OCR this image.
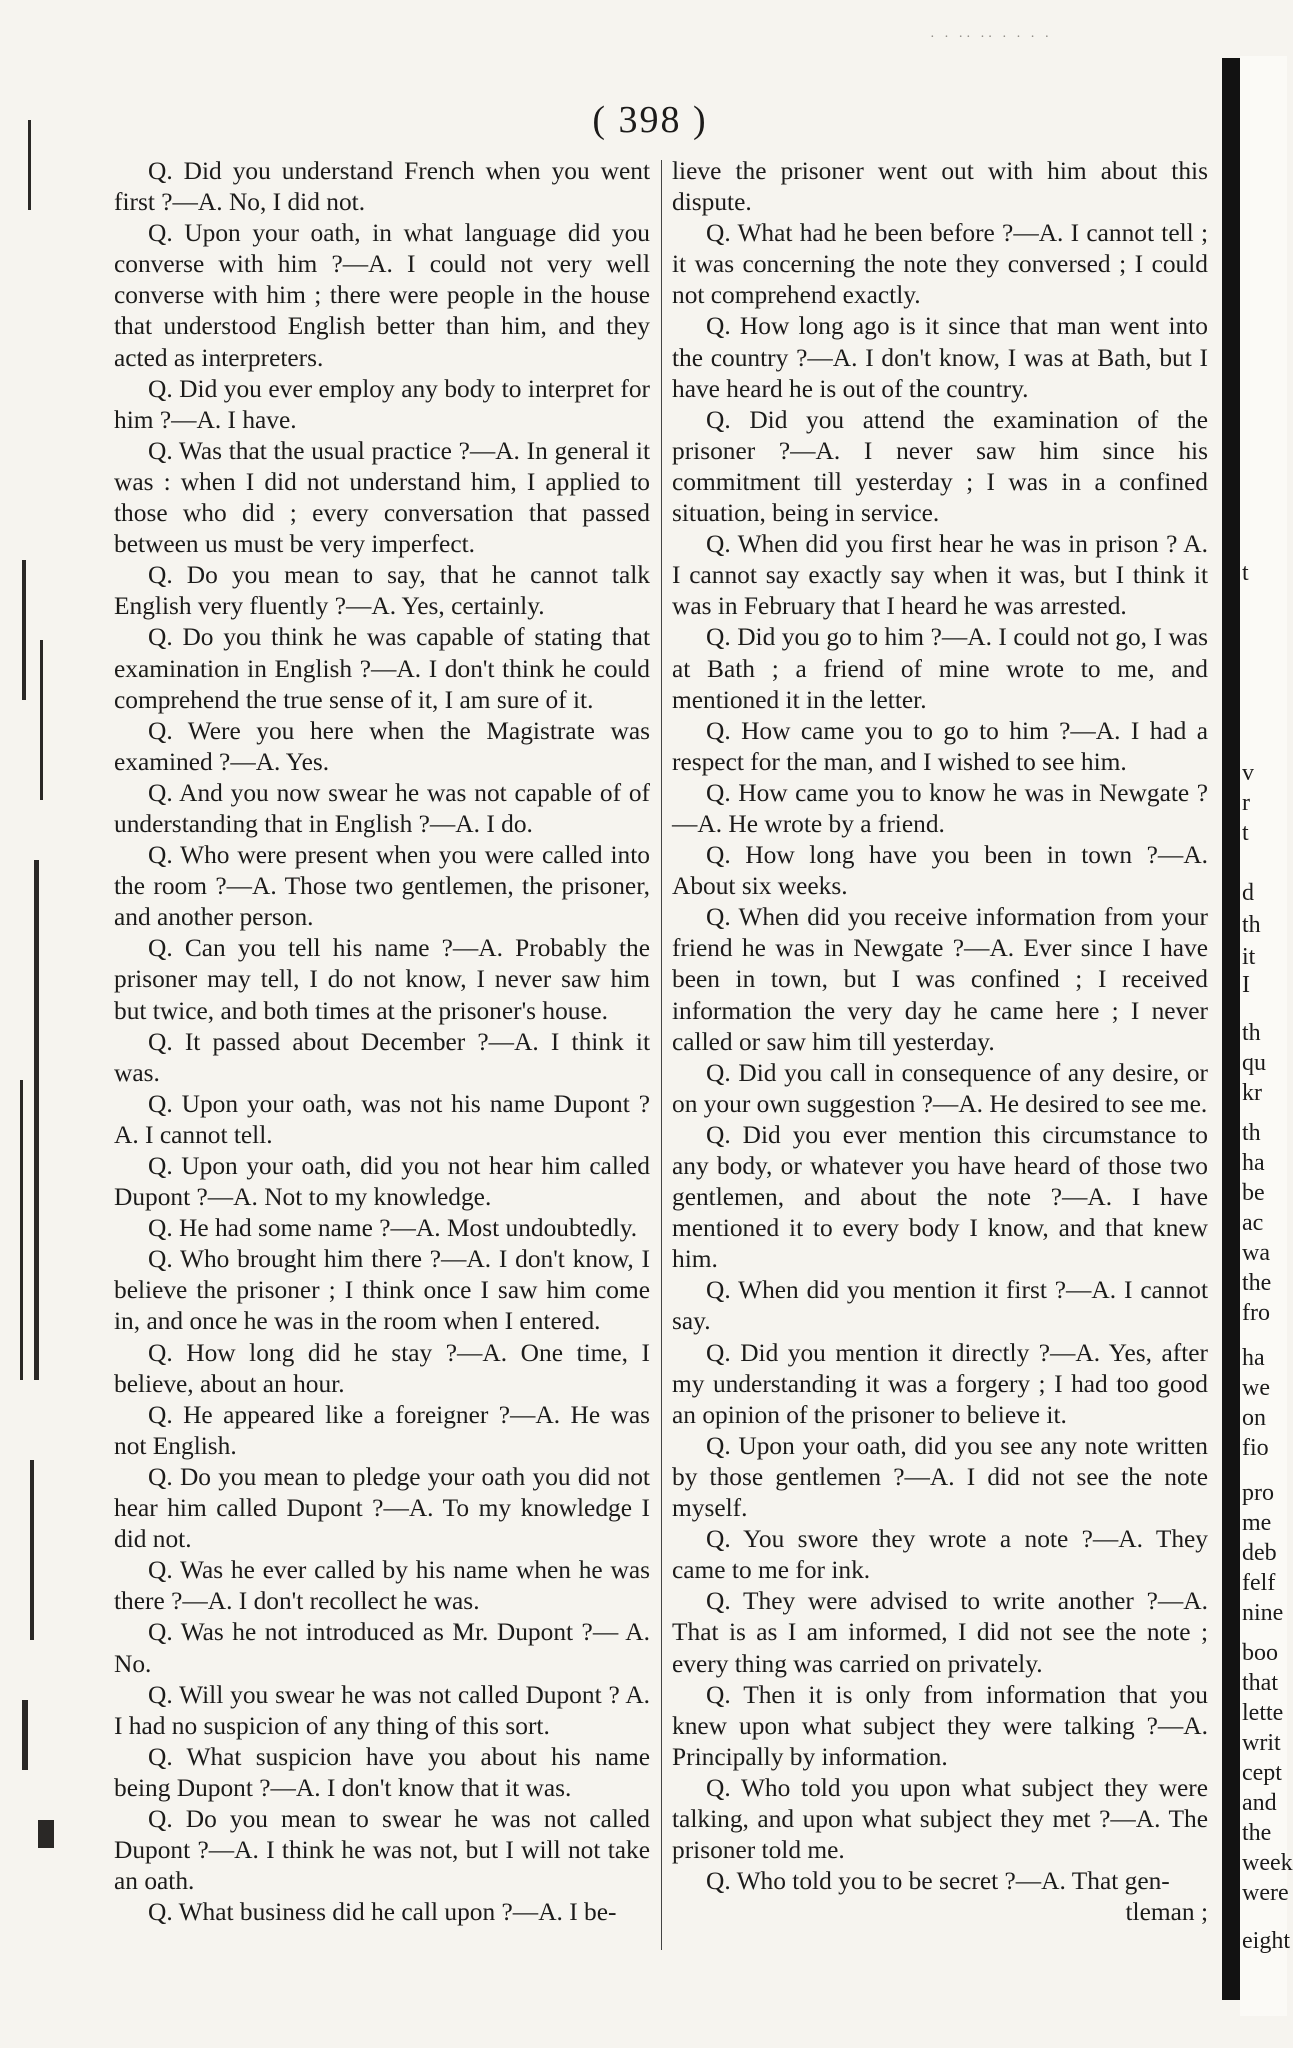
· · ·· ·· · · · ·
( 398 )

Q. Did you understand French when you went first ?—A. No, I did not.

Q. Upon your oath, in what language did you converse with him ?—A. I could not very well converse with him ; there were people in the house that understood English better than him, and they acted as interpreters.

Q. Did you ever employ any body to interpret for him ?—A. I have.

Q. Was that the usual practice ?—A. In general it was : when I did not understand him, I applied to those who did ; every conversation that passed between us must be very imperfect.

Q. Do you mean to say, that he cannot talk English very fluently ?—A. Yes, certainly.

Q. Do you think he was capable of stating that examination in English ?—A. I don't think he could comprehend the true sense of it, I am sure of it.

Q. Were you here when the Magistrate was examined ?—A. Yes.

Q. And you now swear he was not capable of of understanding that in English ?—A. I do.

Q. Who were present when you were called into the room ?—A. Those two gentlemen, the prisoner, and another person.

Q. Can you tell his name ?—A. Probably the prisoner may tell, I do not know, I never saw him but twice, and both times at the prisoner's house.

Q. It passed about December ?—A. I think it was.

Q. Upon your oath, was not his name Dupont ? A. I cannot tell.

Q. Upon your oath, did you not hear him called Dupont ?—A. Not to my knowledge.

Q. He had some name ?—A. Most undoubtedly.

Q. Who brought him there ?—A. I don't know, I believe the prisoner ; I think once I saw him come in, and once he was in the room when I entered.

Q. How long did he stay ?—A. One time, I believe, about an hour.

Q. He appeared like a foreigner ?—A. He was not English.

Q. Do you mean to pledge your oath you did not hear him called Dupont ?—A. To my knowledge I did not.

Q. Was he ever called by his name when he was there ?—A. I don't recollect he was.

Q. Was he not introduced as Mr. Dupont ?— A. No.

Q. Will you swear he was not called Dupont ? A. I had no suspicion of any thing of this sort.

Q. What suspicion have you about his name being Dupont ?—A. I don't know that it was.

Q. Do you mean to swear he was not called Dupont ?—A. I think he was not, but I will not take an oath.

Q. What business did he call upon ?—A. I be-

lieve the prisoner went out with him about this dispute.

Q. What had he been before ?—A. I cannot tell ; it was concerning the note they conversed ; I could not comprehend exactly.

Q. How long ago is it since that man went into the country ?—A. I don't know, I was at Bath, but I have heard he is out of the country.

Q. Did you attend the examination of the prisoner ?—A. I never saw him since his commitment till yesterday ; I was in a confined situation, being in service.

Q. When did you first hear he was in prison ? A. I cannot say exactly say when it was, but I think it was in February that I heard he was arrested.

Q. Did you go to him ?—A. I could not go, I was at Bath ; a friend of mine wrote to me, and mentioned it in the letter.

Q. How came you to go to him ?—A. I had a respect for the man, and I wished to see him.

Q. How came you to know he was in Newgate ? —A. He wrote by a friend.

Q. How long have you been in town ?—A. About six weeks.

Q. When did you receive information from your friend he was in Newgate ?—A. Ever since I have been in town, but I was confined ; I received information the very day he came here ; I never called or saw him till yesterday.

Q. Did you call in consequence of any desire, or on your own suggestion ?—A. He desired to see me.

Q. Did you ever mention this circumstance to any body, or whatever you have heard of those two gentlemen, and about the note ?—A. I have mentioned it to every body I know, and that knew him.

Q. When did you mention it first ?—A. I cannot say.

Q. Did you mention it directly ?—A. Yes, after my understanding it was a forgery ; I had too good an opinion of the prisoner to believe it.

Q. Upon your oath, did you see any note written by those gentlemen ?—A. I did not see the note myself.

Q. You swore they wrote a note ?—A. They came to me for ink.

Q. They were advised to write another ?—A. That is as I am informed, I did not see the note ; every thing was carried on privately.

Q. Then it is only from information that you knew upon what subject they were talking ?—A. Principally by information.

Q. Who told you upon what subject they were talking, and upon what subject they met ?—A. The prisoner told me.

Q. Who told you to be secret ?—A. That gen-

tleman ;

t
v
r
t
d
th
it
I
th
qu
kr
th
ha
be
ac
wa
the
fro
ha
we
on
fio
pro
me
deb
felf
nine
boo
that
lette
writ
cept
and
the
week
were
eight
